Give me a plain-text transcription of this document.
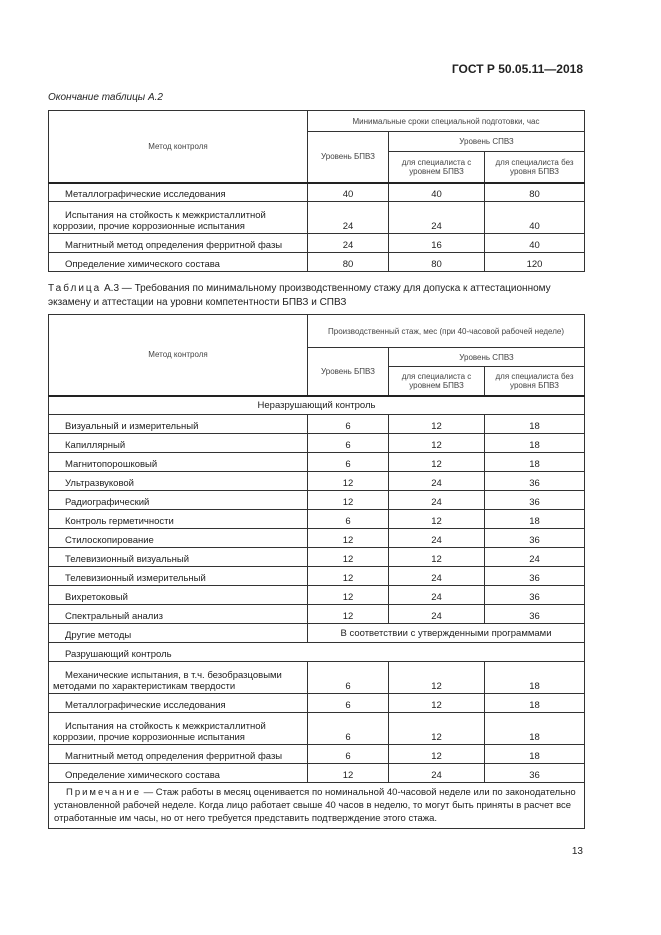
ГОСТ Р 50.05.11—2018
Окончание таблицы А.2
Метод контроля	Минимальные сроки специальной подготовки, час		
	Уровень БПВЗ	Уровень СПВЗ	
		для специалиста с уровнем БПВЗ	для специалиста без уровня БПВЗ
Металлографические исследования	40	40	80
Испытания на стойкость к межкристаллитной коррозии, прочие коррозионные испытания	24	24	40
Магнитный метод определения ферритной фазы	24	16	40
Определение химического состава	80	80	120
Таблица А.3 — Требования по минимальному производственному стажу для допуска к аттестационному экзамену и аттестации на уровни компетентности БПВЗ и СПВЗ
Метод контроля	Производственный стаж, мес (при 40-часовой рабочей неделе)		
	Уровень БПВЗ	Уровень СПВЗ	
		для специалиста с уровнем БПВЗ	для специалиста без уровня БПВЗ
Неразрушающий контроль			
Визуальный и измерительный	6	12	18
Капиллярный	6	12	18
Магнитопорошковый	6	12	18
Ультразвуковой	12	24	36
Радиографический	12	24	36
Контроль герметичности	6	12	18
Стилоскопирование	12	24	36
Телевизионный визуальный	12	12	24
Телевизионный измерительный	12	24	36
Вихретоковый	12	24	36
Спектральный анализ	12	24	36
Другие методы	В соответствии с утвержденными программами		
Разрушающий контроль			
Механические испытания, в т.ч. безобразцовыми методами по характеристикам твердости	6	12	18
Металлографические исследования	6	12	18
Испытания на стойкость к межкристаллитной коррозии, прочие коррозионные испытания	6	12	18
Магнитный метод определения ферритной фазы	6	12	18
Определение химического состава	12	24	36
Примечание — Стаж работы в месяц оценивается по номинальной 40-часовой неделе или по законодательно установленной рабочей неделе. Когда лицо работает свыше 40 часов в неделю, то могут быть приняты в расчет все отработанные им часы, но от него требуется представить подтверждение этого стажа.			
13
